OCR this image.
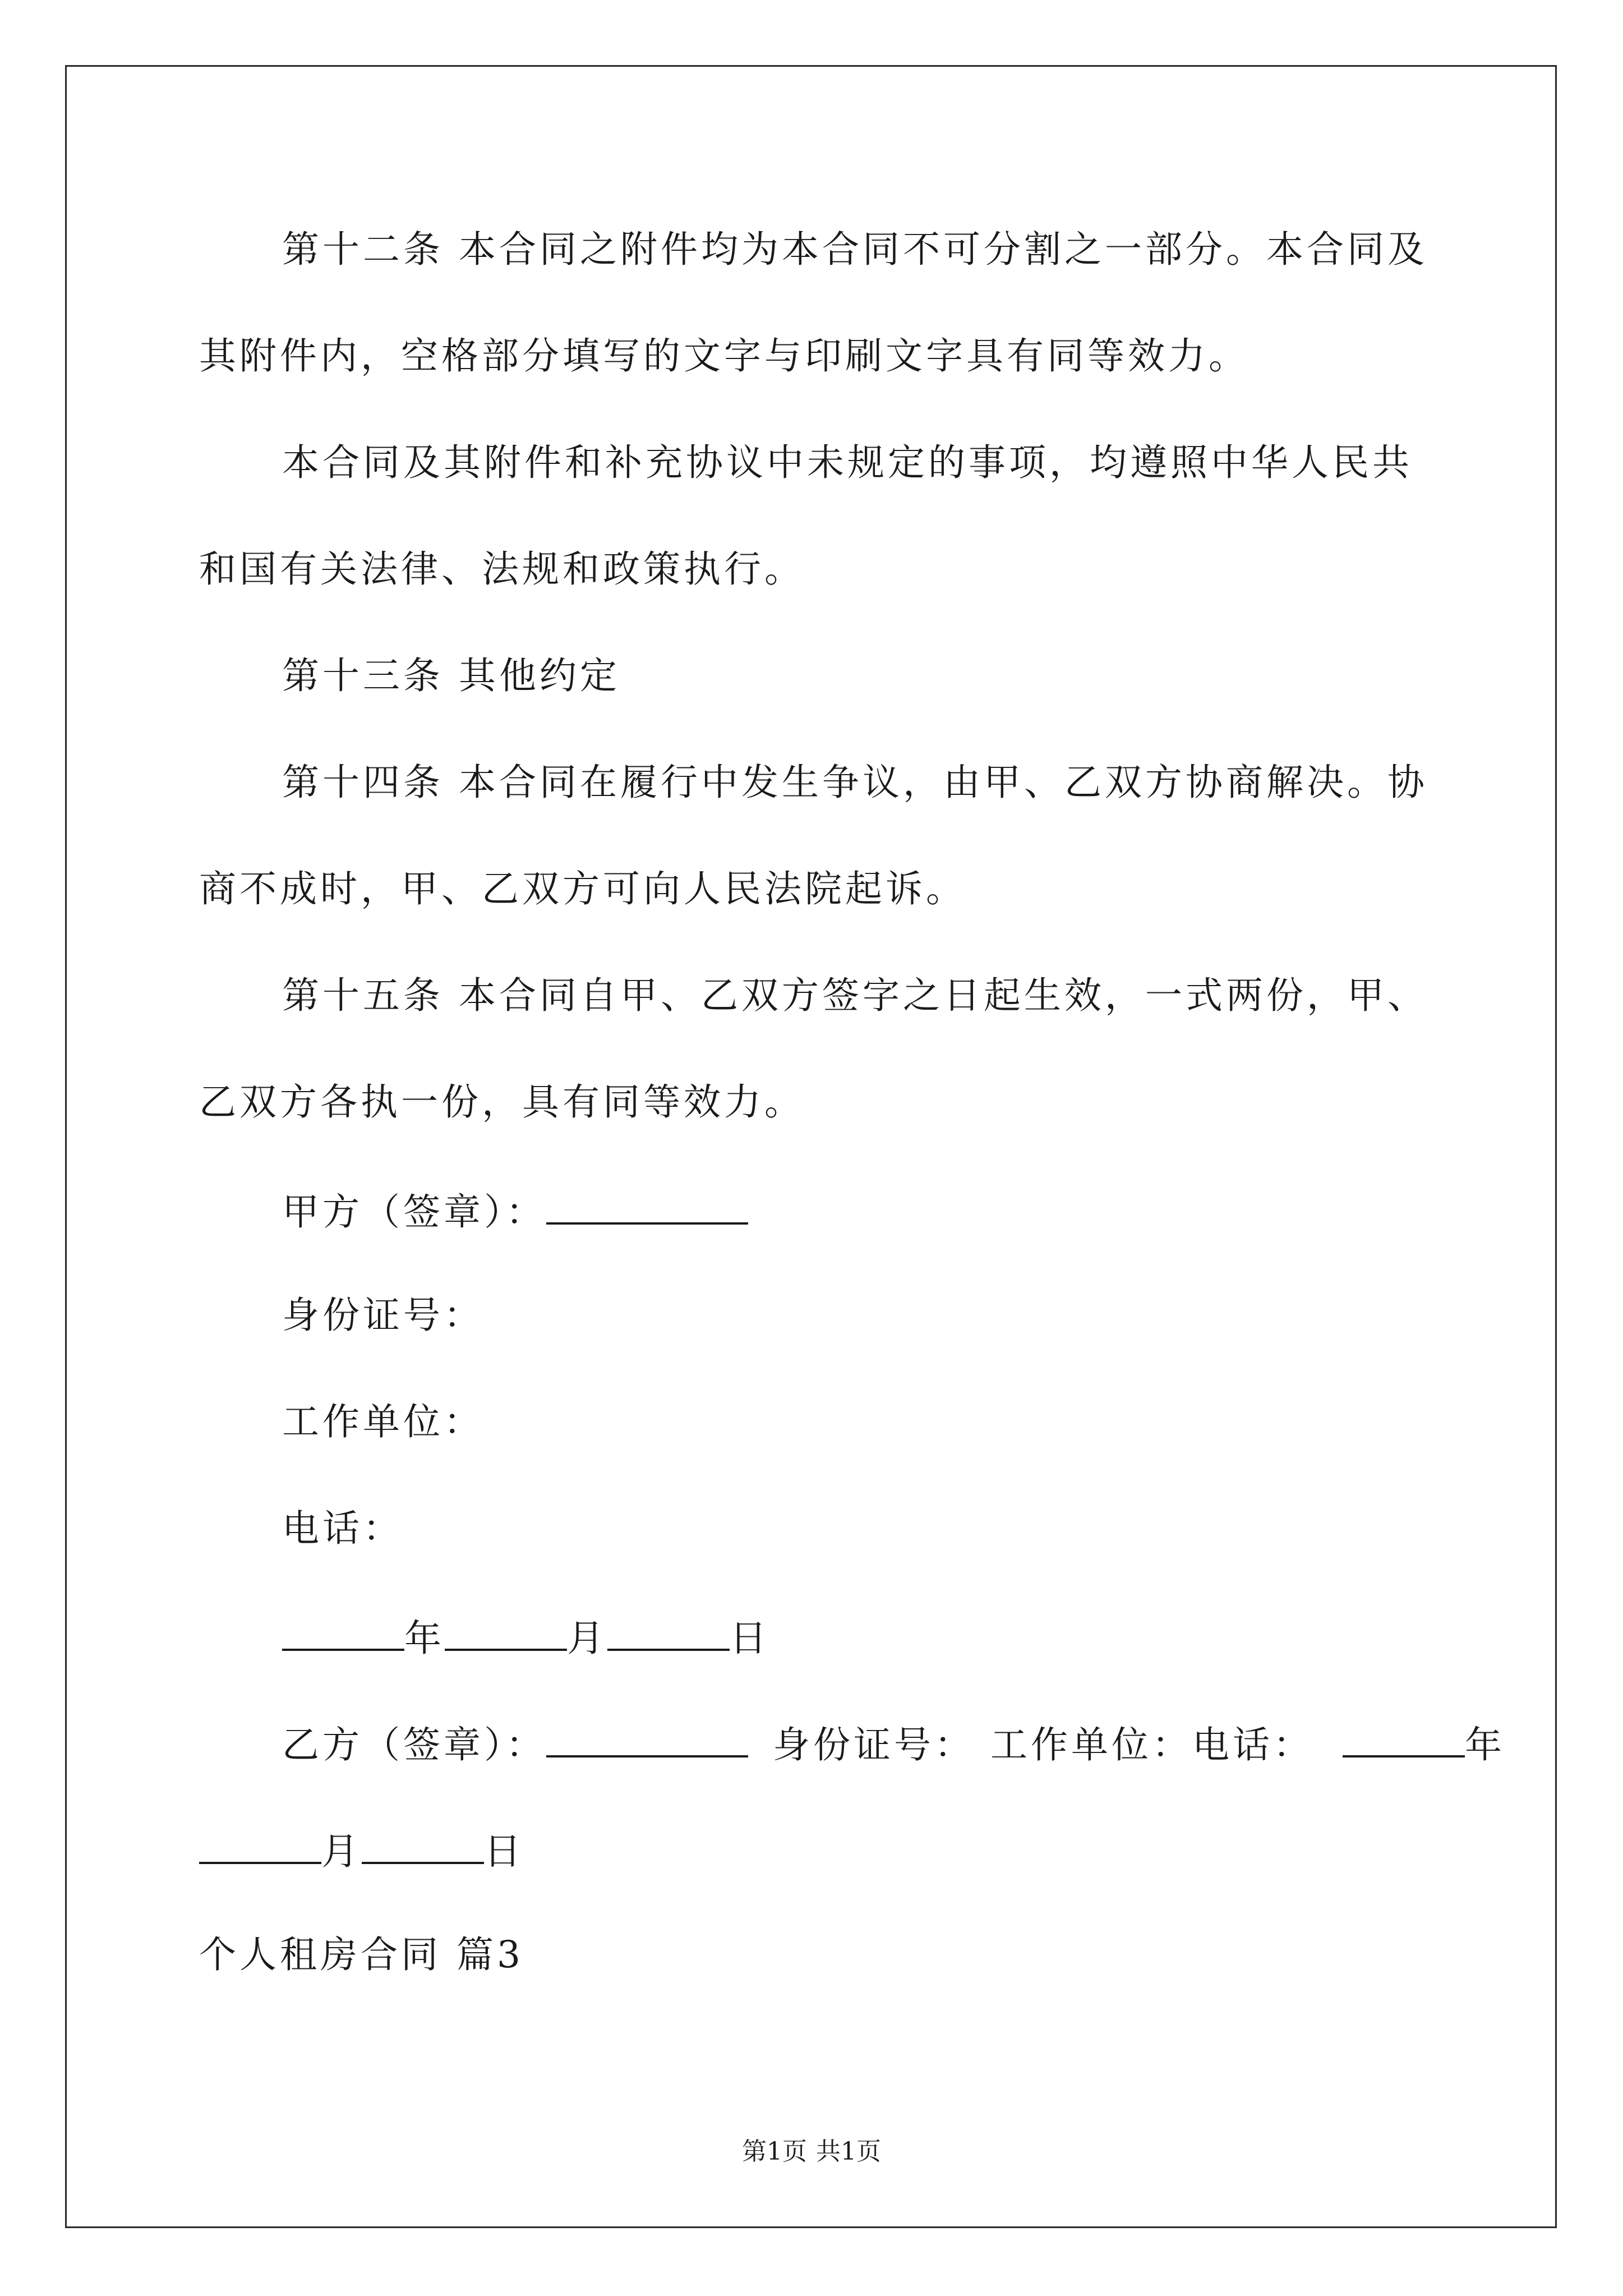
第十二条 本合同之附件均为本合同不可分割之一部分。本合同及
其附件内，空格部分填写的文字与印刷文字具有同等效力。
本合同及其附件和补充协议中未规定的事项，均遵照中华人民共
和国有关法律、法规和政策执行。
第十三条 其他约定
第十四条 本合同在履行中发生争议，由甲、乙双方协商解决。协
商不成时，甲、乙双方可向人民法院起诉。
第十五条 本合同自甲、乙双方签字之日起生效，一式两份，甲、
乙双方各执一份，具有同等效力。
甲方（签章）：
身份证号：
工作单位：
电话：
年	月	日
乙方（签章）：	身份证号： 工作单位：电话：	年
月	日
个人租房合同 篇3
第1页 共1页
